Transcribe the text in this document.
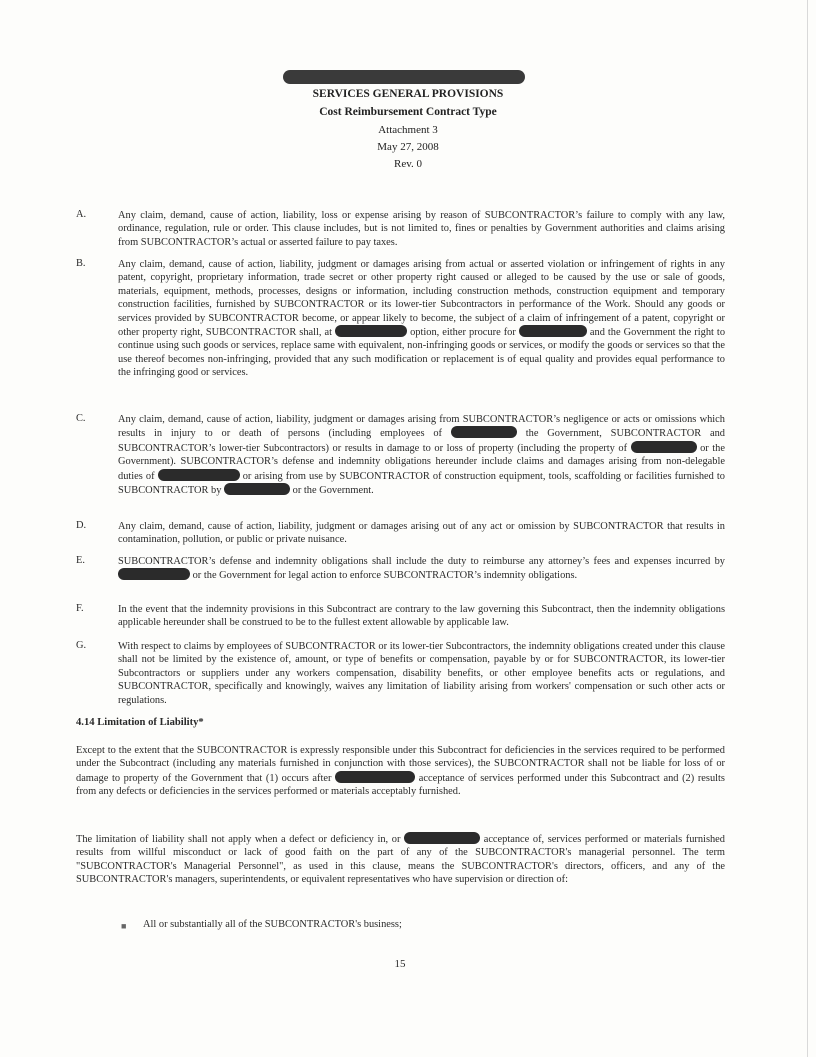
SERVICES GENERAL PROVISIONS
Cost Reimbursement Contract Type
Attachment 3
May 27, 2008
Rev. 0
A.	Any claim, demand, cause of action, liability, loss or expense arising by reason of SUBCONTRACTOR’s failure to comply with any law, ordinance, regulation, rule or order. This clause includes, but is not limited to, fines or penalties by Government authorities and claims arising from SUBCONTRACTOR’s actual or asserted failure to pay taxes.
B.	Any claim, demand, cause of action, liability, judgment or damages arising from actual or asserted violation or infringement of rights in any patent, copyright, proprietary information, trade secret or other property right caused or alleged to be caused by the use or sale of goods, materials, equipment, methods, processes, designs or information, including construction methods, construction equipment and temporary construction facilities, furnished by SUBCONTRACTOR or its lower-tier Subcontractors in performance of the Work. Should any goods or services provided by SUBCONTRACTOR become, or appear likely to become, the subject of a claim of infringement of a patent, copyright or other property right, SUBCONTRACTOR shall, at	option, either procure for	and the Government the right to continue using such goods or services, replace same with equivalent, non-infringing goods or services, or modify the goods or services so that the use thereof becomes non-infringing, provided that any such modification or replacement is of equal quality and provides equal performance to the infringing good or services.
C.	Any claim, demand, cause of action, liability, judgment or damages arising from SUBCONTRACTOR’s negligence or acts or omissions which results in injury to or death of persons (including employees of	the Government, SUBCONTRACTOR and SUBCONTRACTOR’s lower-tier Subcontractors) or results in damage to or loss of property (including the property of	or the Government). SUBCONTRACTOR’s defense and indemnity obligations hereunder include claims and damages arising from non-delegable duties of	or arising from use by SUBCONTRACTOR of construction equipment, tools, scaffolding or facilities furnished to SUBCONTRACTOR by	or the Government.
D.	Any claim, demand, cause of action, liability, judgment or damages arising out of any act or omission by SUBCONTRACTOR that results in contamination, pollution, or public or private nuisance.
E.	SUBCONTRACTOR’s defense and indemnity obligations shall include the duty to reimburse any attorney’s fees and expenses incurred by  or the Government for legal action to enforce SUBCONTRACTOR’s indemnity obligations.
F.	In the event that the indemnity provisions in this Subcontract are contrary to the law governing this Subcontract, then the indemnity obligations applicable hereunder shall be construed to be to the fullest extent allowable by applicable law.
G.	With respect to claims by employees of SUBCONTRACTOR or its lower-tier Subcontractors, the indemnity obligations created under this clause shall not be limited by the existence of, amount, or type of benefits or compensation, payable by or for SUBCONTRACTOR, its lower-tier Subcontractors or suppliers under any workers compensation, disability benefits, or other employee benefits acts or regulations, and SUBCONTRACTOR, specifically and knowingly, waives any limitation of liability arising from workers' compensation or such other acts or regulations.
4.14 Limitation of Liability*
Except to the extent that the SUBCONTRACTOR is expressly responsible under this Subcontract for deficiencies in the services required to be performed under the Subcontract (including any materials furnished in conjunction with those services), the SUBCONTRACTOR shall not be liable for loss of or damage to property of the Government that (1) occurs after	acceptance of services performed under this Subcontract and (2) results from any defects or deficiencies in the services performed or materials acceptably furnished.
The limitation of liability shall not apply when a defect or deficiency in, or	acceptance of, services performed or materials furnished results from willful misconduct or lack of good faith on the part of any of the SUBCONTRACTOR's managerial personnel. The term "SUBCONTRACTOR's Managerial Personnel", as used in this clause, means the SUBCONTRACTOR's directors, officers, and any of the SUBCONTRACTOR's managers, superintendents, or equivalent representatives who have supervision or direction of:
■ All or substantially all of the SUBCONTRACTOR's business;
15
